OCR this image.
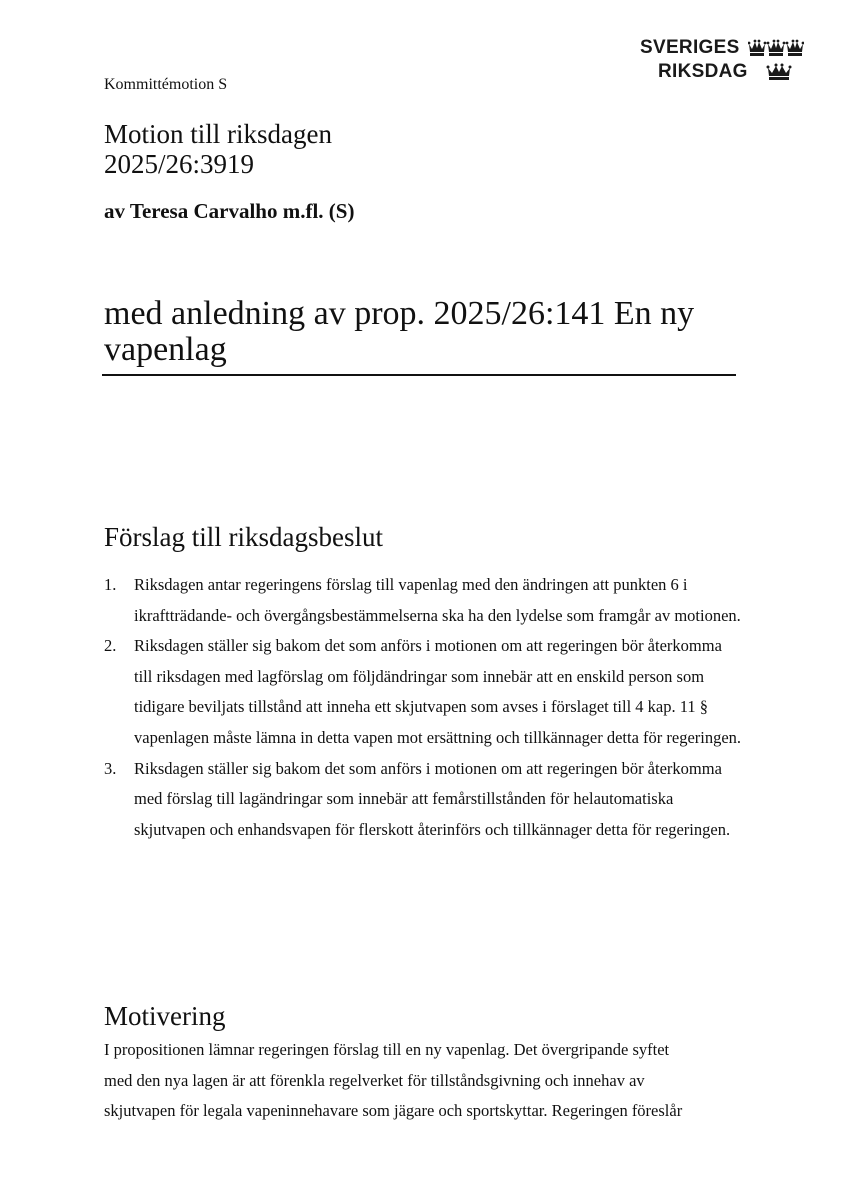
SVERIGES
RIKSDAG
Kommittémotion S
Motion till riksdagen
2025/26:3919
av Teresa Carvalho m.fl. (S)
med anledning av prop. 2025/26:141 En ny
vapenlag
Förslag till riksdagsbeslut
1. Riksdagen antar regeringens förslag till vapenlag med den ändringen att punkten 6 i ikraftträdande- och övergångsbestämmelserna ska ha den lydelse som framgår av motionen.
2. Riksdagen ställer sig bakom det som anförs i motionen om att regeringen bör återkomma till riksdagen med lagförslag om följdändringar som innebär att en enskild person som tidigare beviljats tillstånd att inneha ett skjutvapen som avses i förslaget till 4 kap. 11 § vapenlagen måste lämna in detta vapen mot ersättning och tillkännager detta för regeringen.
3. Riksdagen ställer sig bakom det som anförs i motionen om att regeringen bör återkomma med förslag till lagändringar som innebär att femårstillstånden för helautomatiska skjutvapen och enhandsvapen för flerskott återinförs och tillkännager detta för regeringen.
Motivering
I propositionen lämnar regeringen förslag till en ny vapenlag. Det övergripande syftet
med den nya lagen är att förenkla regelverket för tillståndsgivning och innehav av
skjutvapen för legala vapeninnehavare som jägare och sportskyttar. Regeringen föreslår
